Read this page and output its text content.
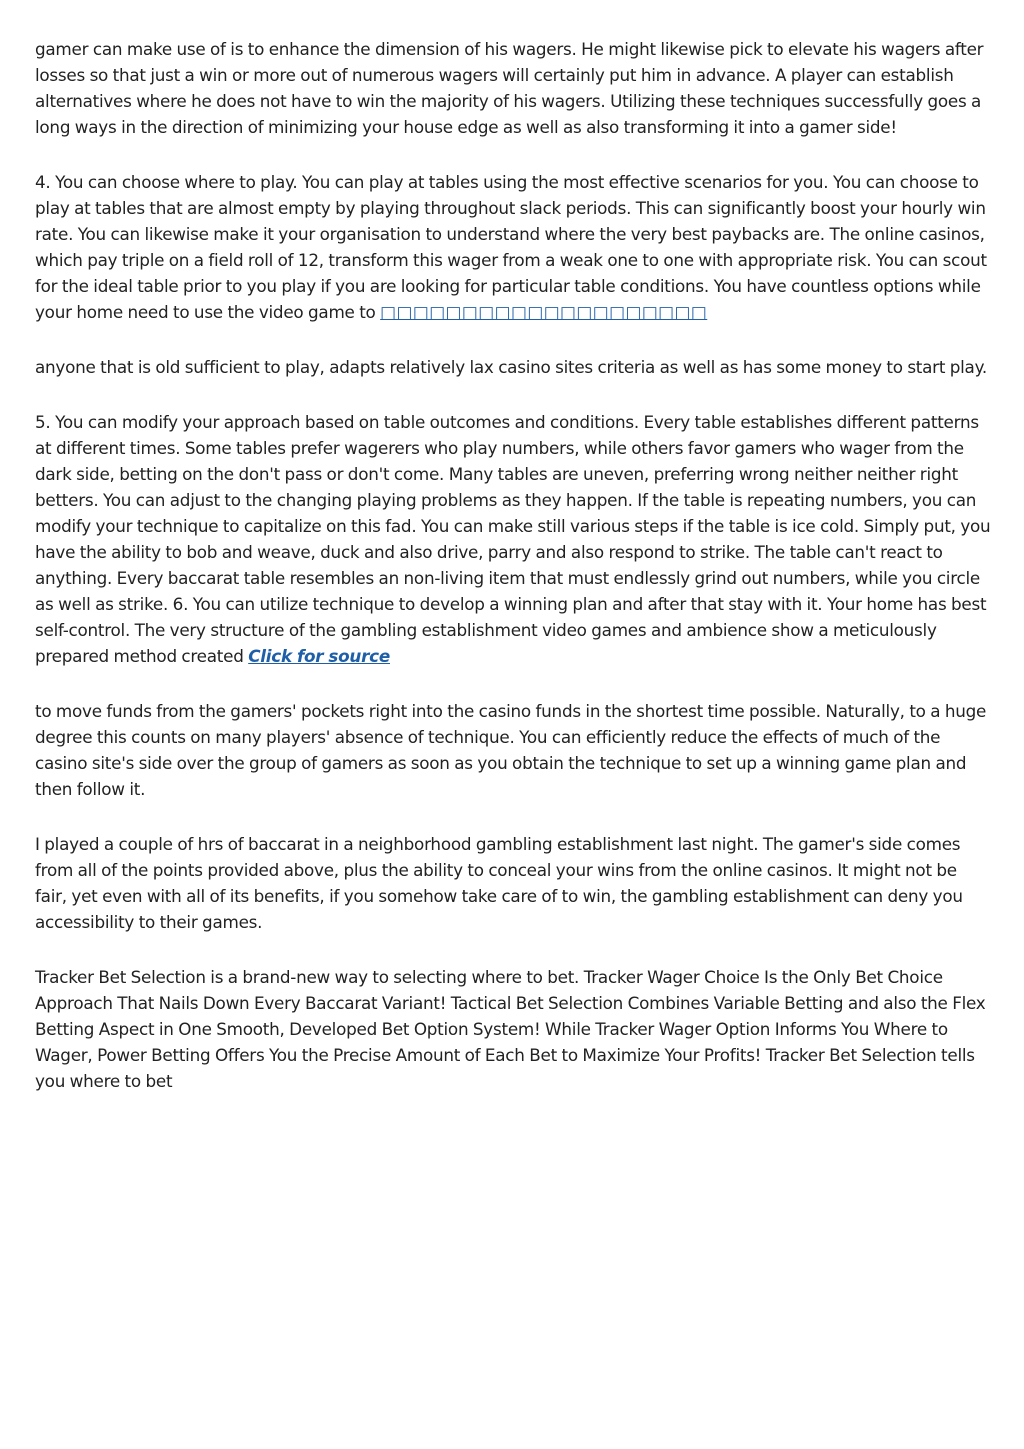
gamer can make use of is to enhance the dimension of his wagers. He might likewise pick to elevate his wagers after losses so that just a win or more out of numerous wagers will certainly put him in advance. A player can establish alternatives where he does not have to win the majority of his wagers. Utilizing these techniques successfully goes a long ways in the direction of minimizing your house edge as well as also transforming it into a gamer side!

4. You can choose where to play. You can play at tables using the most effective scenarios for you. You can choose to play at tables that are almost empty by playing throughout slack periods. This can significantly boost your hourly win rate. You can likewise make it your organisation to understand where the very best paybacks are. The online casinos, which pay triple on a field roll of 12, transform this wager from a weak one to one with appropriate risk. You can scout for the ideal table prior to you play if you are looking for particular table conditions. You have countless options while your home need to use the video game to □□□□□□□□□□□□□□□□□□□□

anyone that is old sufficient to play, adapts relatively lax casino sites criteria as well as has some money to start play.

5. You can modify your approach based on table outcomes and conditions. Every table establishes different patterns at different times. Some tables prefer wagerers who play numbers, while others favor gamers who wager from the dark side, betting on the don't pass or don't come. Many tables are uneven, preferring wrong neither neither right betters. You can adjust to the changing playing problems as they happen. If the table is repeating numbers, you can modify your technique to capitalize on this fad. You can make still various steps if the table is ice cold. Simply put, you have the ability to bob and weave, duck and also drive, parry and also respond to strike. The table can't react to anything. Every baccarat table resembles an non-living item that must endlessly grind out numbers, while you circle as well as strike. 6. You can utilize technique to develop a winning plan and after that stay with it. Your home has best self-control. The very structure of the gambling establishment video games and ambience show a meticulously prepared method created Click for source

to move funds from the gamers' pockets right into the casino funds in the shortest time possible. Naturally, to a huge degree this counts on many players' absence of technique. You can efficiently reduce the effects of much of the casino site's side over the group of gamers as soon as you obtain the technique to set up a winning game plan and then follow it.

I played a couple of hrs of baccarat in a neighborhood gambling establishment last night. The gamer's side comes from all of the points provided above, plus the ability to conceal your wins from the online casinos. It might not be fair, yet even with all of its benefits, if you somehow take care of to win, the gambling establishment can deny you accessibility to their games.

Tracker Bet Selection is a brand-new way to selecting where to bet. Tracker Wager Choice Is the Only Bet Choice Approach That Nails Down Every Baccarat Variant! Tactical Bet Selection Combines Variable Betting and also the Flex Betting Aspect in One Smooth, Developed Bet Option System! While Tracker Wager Option Informs You Where to Wager, Power Betting Offers You the Precise Amount of Each Bet to Maximize Your Profits! Tracker Bet Selection tells you where to bet
